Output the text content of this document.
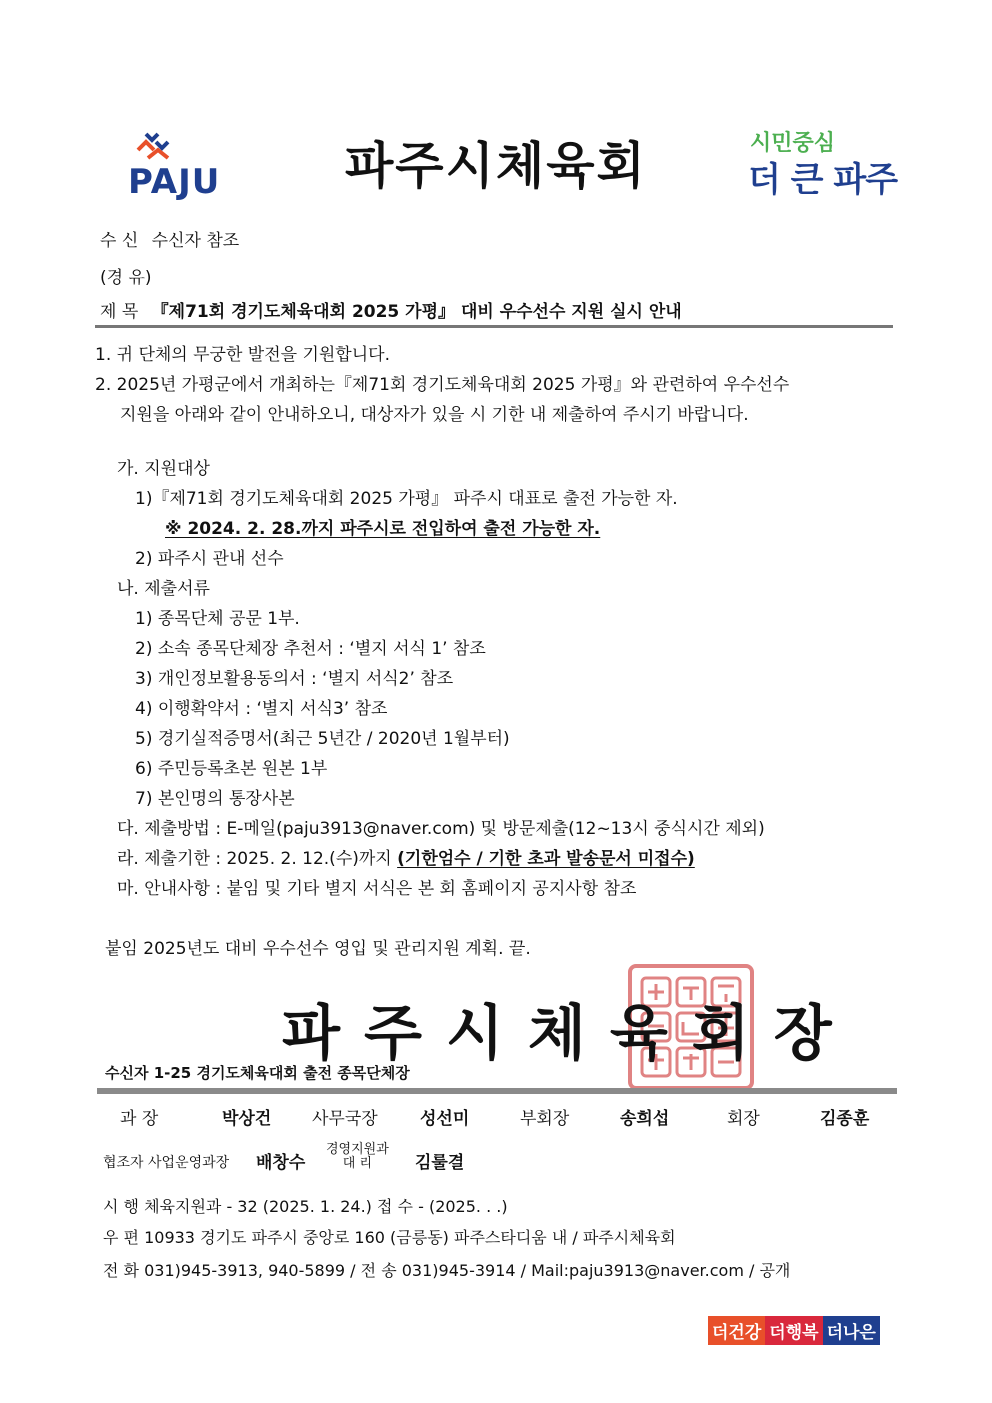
PAJU 파주시체육회	시민중심
더 큰 파주
수 신 수신자 참조
(경 유)
제 목 『제71회 경기도체육대회 2025 가평』 대비 우수선수 지원 실시 안내
1. 귀 단체의 무궁한 발전을 기원합니다.
2. 2025년 가평군에서 개최하는『제71회 경기도체육대회 2025 가평』와 관련하여 우수선수
지원을 아래와 같이 안내하오니, 대상자가 있을 시 기한 내 제출하여 주시기 바랍니다.
가. 지원대상
1)『제71회 경기도체육대회 2025 가평』 파주시 대표로 출전 가능한 자.
※ 2024. 2. 28.까지 파주시로 전입하여 출전 가능한 자.
2) 파주시 관내 선수
나. 제출서류
1) 종목단체 공문 1부.
2) 소속 종목단체장 추천서 : ‘별지 서식 1’ 참조
3) 개인정보활용동의서 : ‘별지 서식2’ 참조
4) 이행확약서 : ‘별지 서식3’ 참조
5) 경기실적증명서(최근 5년간 / 2020년 1월부터)
6) 주민등록초본 원본 1부
7) 본인명의 통장사본
다. 제출방법 : E-메일(paju3913@naver.com) 및 방문제출(12~13시 중식시간 제외)
라. 제출기한 : 2025. 2. 12.(수)까지 (기한엄수 / 기한 초과 발송문서 미접수)
마. 안내사항 : 붙임 및 기타 별지 서식은 본 회 홈페이지 공지사항 참조
붙임 2025년도 대비 우수선수 영입 및 관리지원 계획. 끝.
파주시체육회장
수신자 1-25 경기도체육대회 출전 종목단체장
과 장	박상건 사무국장 성선미	부회장	송희섭	회장	김종훈
협조자 사업운영과장 배창수
경영지원과
대 리	김룰결
시 행 체육지원과 - 32 (2025. 1. 24.) 접 수 - (2025. . .)
우 편 10933 경기도 파주시 중앙로 160 (금릉동) 파주스타디움 내 / 파주시체육회
전 화 031)945-3913, 940-5899 / 전 송 031)945-3914 / Mail:paju3913@naver.com / 공개
더건강 더행복 더나은
